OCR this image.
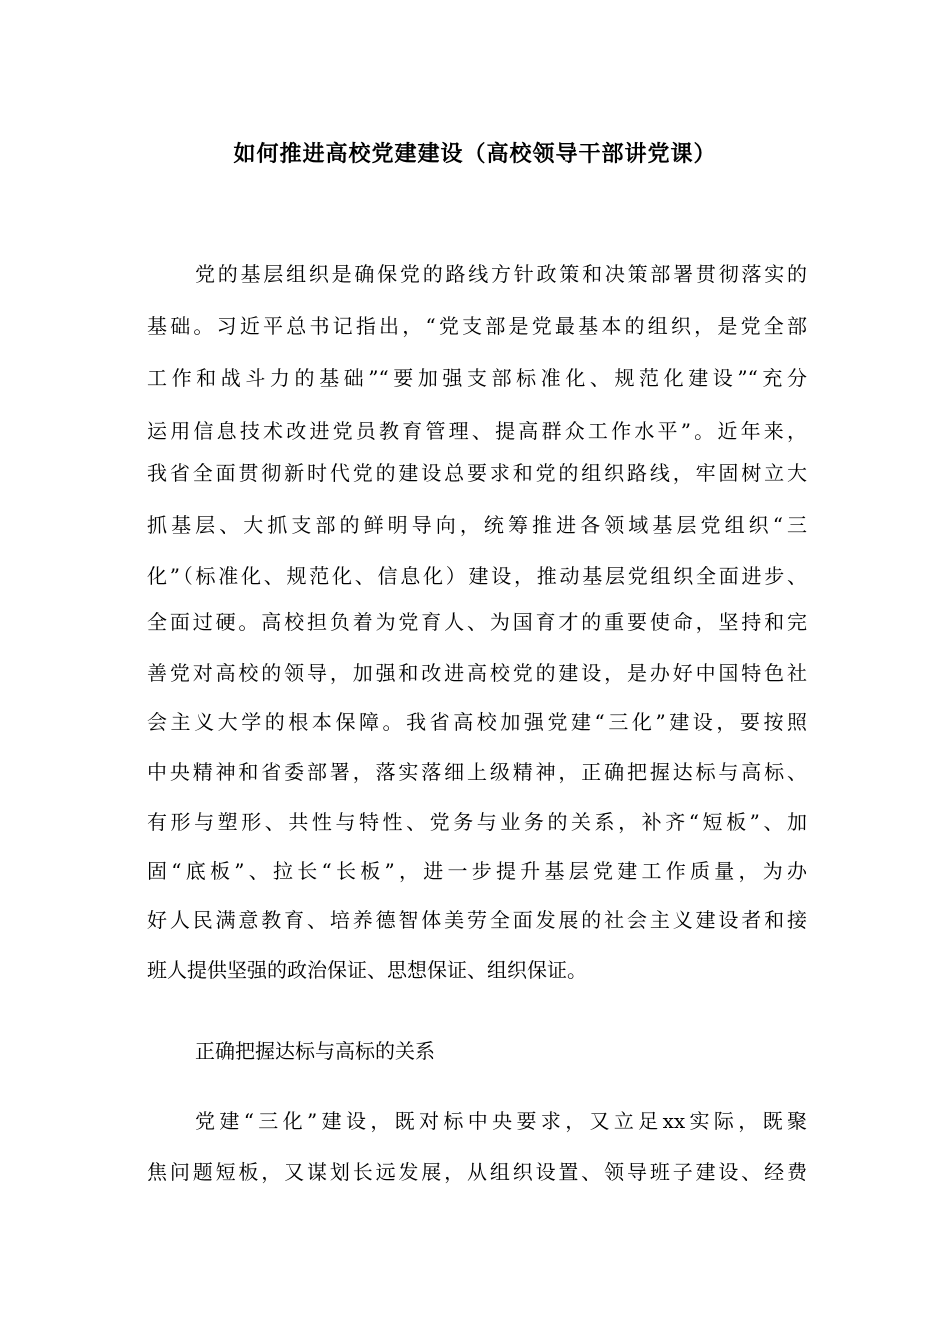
如何推进高校党建建设（高校领导干部讲党课）

党的基层组织是确保党的路线方针政策和决策部署贯彻落实的

基础。习近平总书记指出，“党支部是党最基本的组织，是党全部

工作和战斗力的基础”“要加强支部标准化、规范化建设”“充分

运用信息技术改进党员教育管理、提高群众工作水平”。近年来，

我省全面贯彻新时代党的建设总要求和党的组织路线，牢固树立大

抓基层、大抓支部的鲜明导向，统筹推进各领域基层党组织“三

化”（标准化、规范化、信息化）建设，推动基层党组织全面进步、

全面过硬。高校担负着为党育人、为国育才的重要使命，坚持和完

善党对高校的领导，加强和改进高校党的建设，是办好中国特色社

会主义大学的根本保障。我省高校加强党建“三化”建设，要按照

中央精神和省委部署，落实落细上级精神，正确把握达标与高标、

有形与塑形、共性与特性、党务与业务的关系，补齐“短板”、加

固“底板”、拉长“长板”，进一步提升基层党建工作质量，为办

好人民满意教育、培养德智体美劳全面发展的社会主义建设者和接

班人提供坚强的政治保证、思想保证、组织保证。

正确把握达标与高标的关系

党建“三化”建设，既对标中央要求，又立足xx实际，既聚

焦问题短板，又谋划长远发展，从组织设置、领导班子建设、经费
